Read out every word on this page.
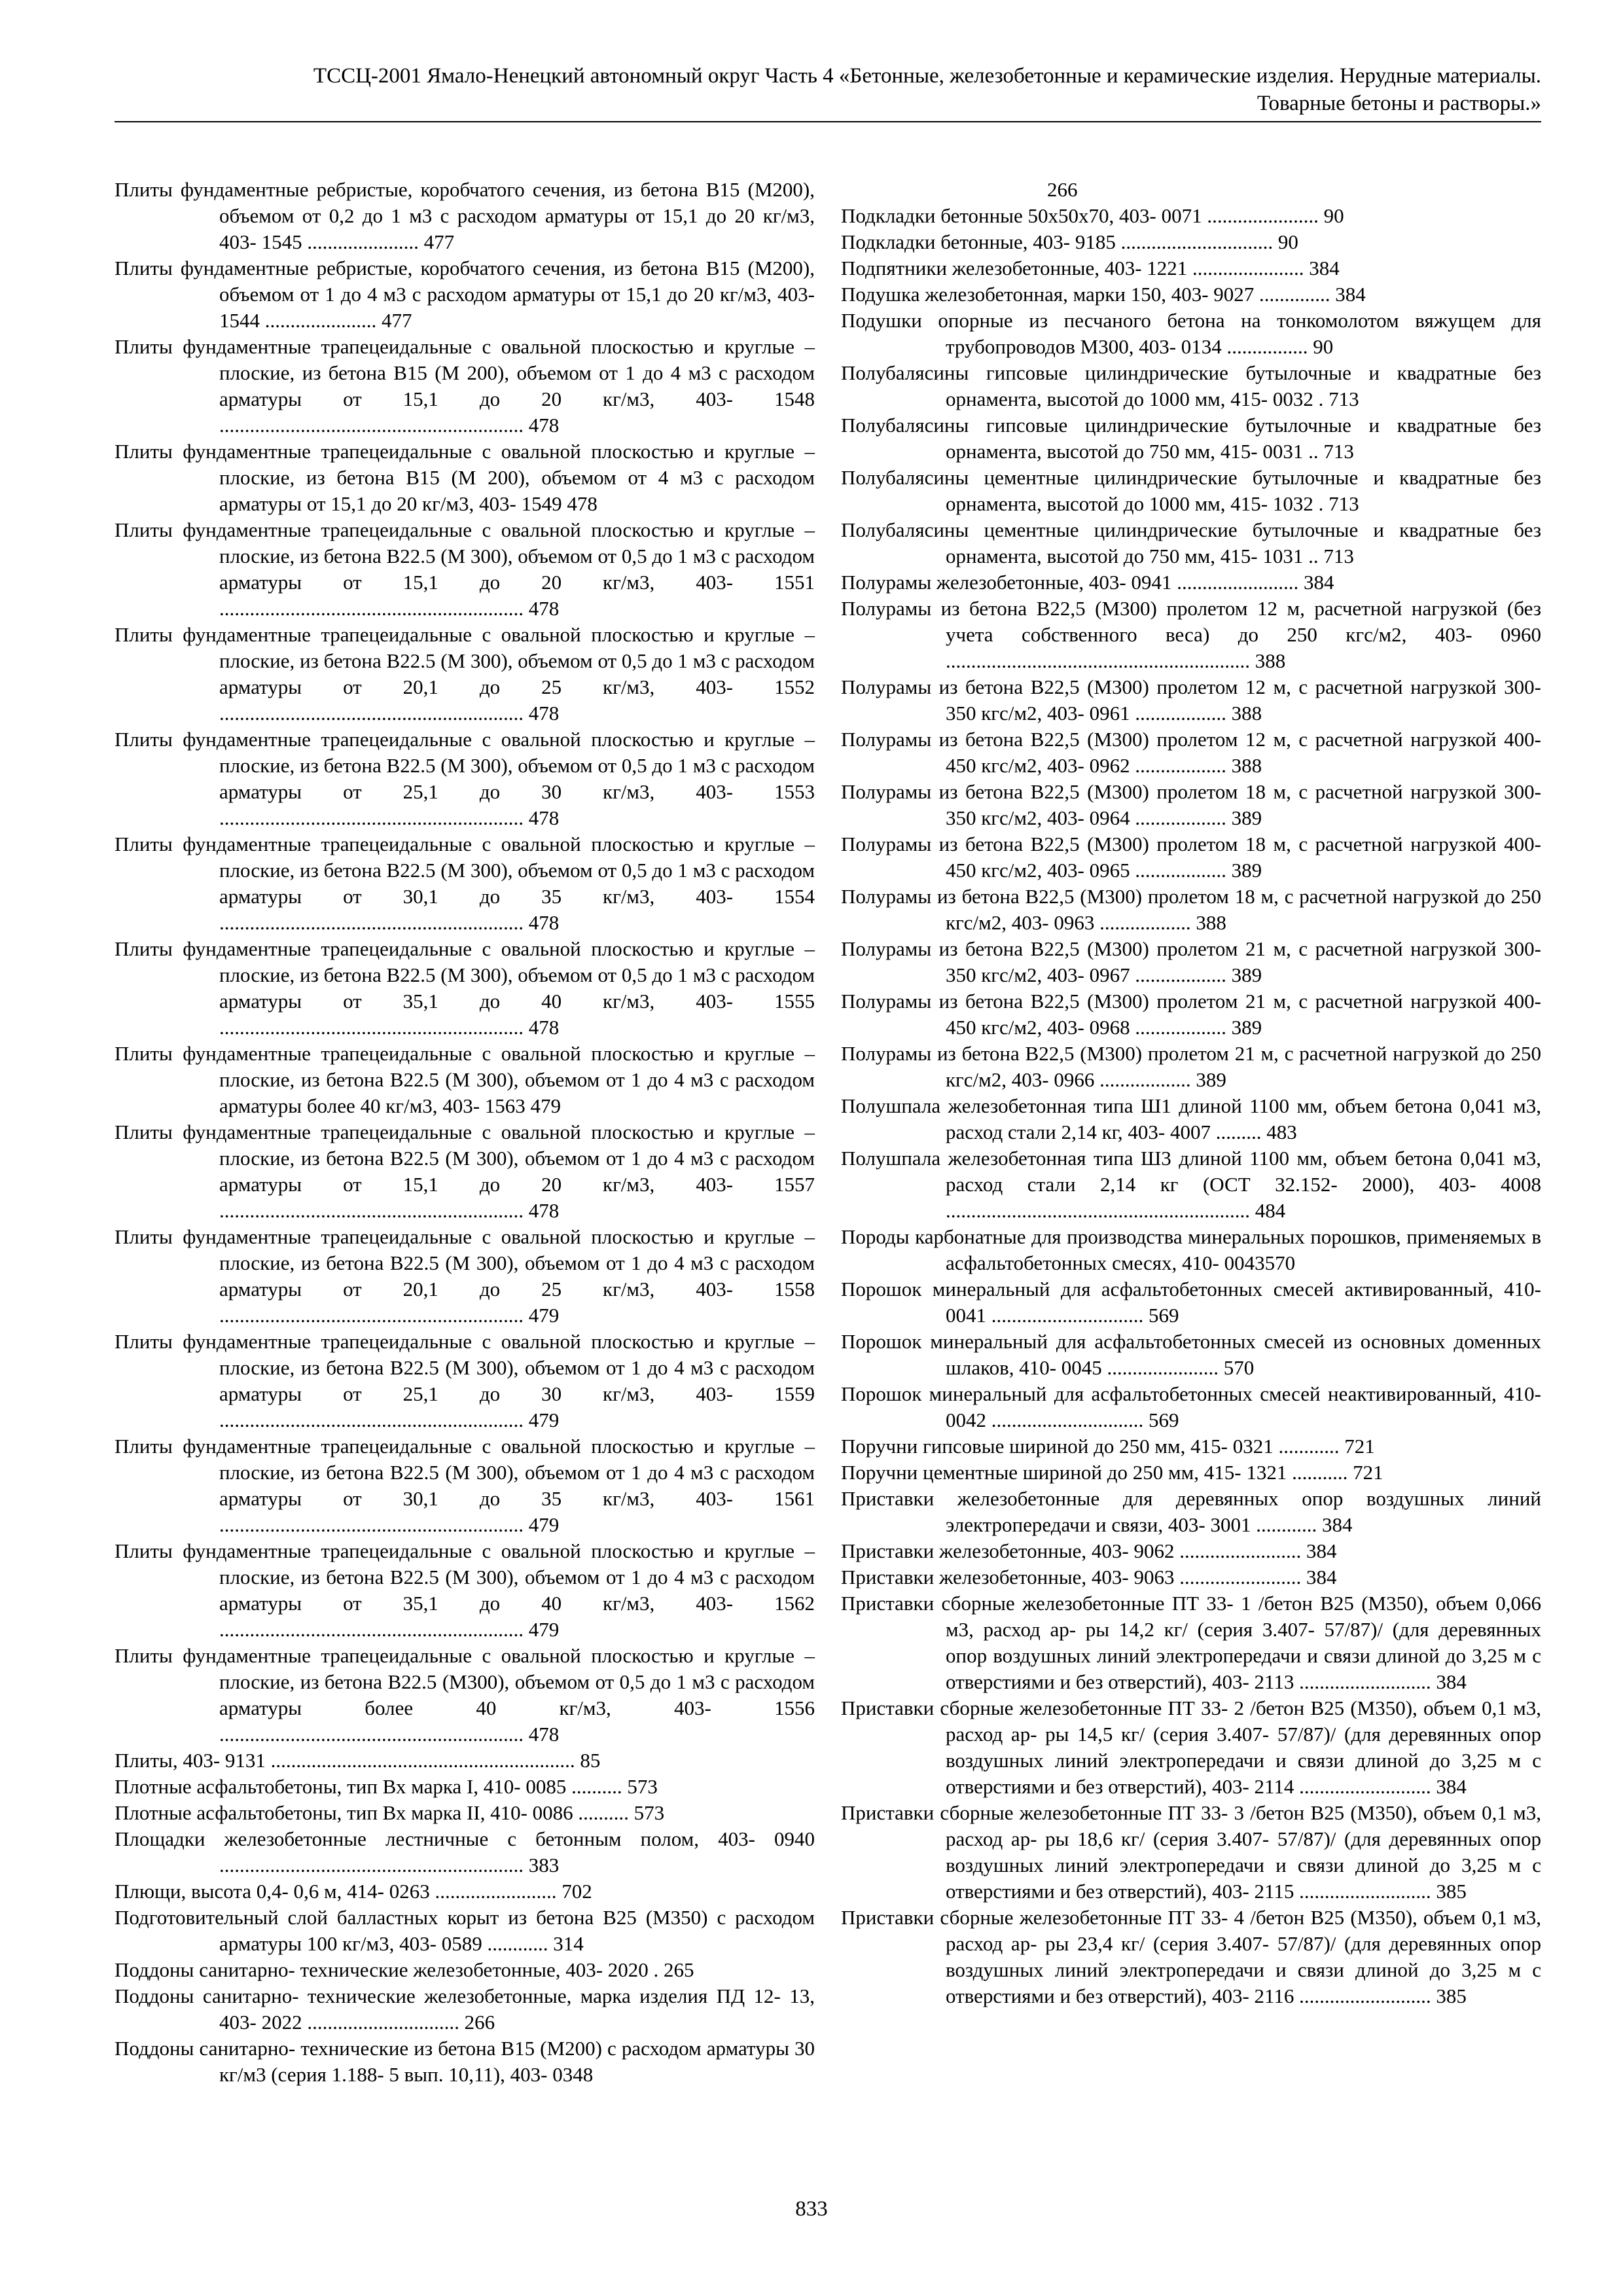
ТССЦ-2001 Ямало-Ненецкий автономный округ Часть 4 «Бетонные, железобетонные и керамические изделия. Нерудные материалы.
Товарные бетоны и растворы.»

Плиты фундаментные ребристые, коробчатого сечения, из бетона В15 (М200), объемом от 0,2 до 1 м3 с расходом арматуры от 15,1 до 20 кг/м3, 403- 1545 ...................... 477

Плиты фундаментные ребристые, коробчатого сечения, из бетона В15 (М200), объемом от 1 до 4 м3 с расходом арматуры от 15,1 до 20 кг/м3, 403- 1544 ...................... 477

Плиты фундаментные трапецеидальные с овальной плоскостью и круглые – плоские, из бетона В15 (М 200), объемом от 1 до 4 м3 с расходом арматуры от 15,1 до 20 кг/м3, 403- 1548 ............................................................ 478

Плиты фундаментные трапецеидальные с овальной плоскостью и круглые – плоские, из бетона В15 (М 200), объемом от 4 м3 с расходом арматуры от 15,1 до 20 кг/м3, 403- 1549 478

Плиты фундаментные трапецеидальные с овальной плоскостью и круглые – плоские, из бетона В22.5 (М 300), объемом от 0,5 до 1 м3 с расходом арматуры от 15,1 до 20 кг/м3, 403- 1551 ............................................................ 478

Плиты фундаментные трапецеидальные с овальной плоскостью и круглые – плоские, из бетона В22.5 (М 300), объемом от 0,5 до 1 м3 с расходом арматуры от 20,1 до 25 кг/м3, 403- 1552 ............................................................ 478

Плиты фундаментные трапецеидальные с овальной плоскостью и круглые – плоские, из бетона В22.5 (М 300), объемом от 0,5 до 1 м3 с расходом арматуры от 25,1 до 30 кг/м3, 403- 1553 ............................................................ 478

Плиты фундаментные трапецеидальные с овальной плоскостью и круглые – плоские, из бетона В22.5 (М 300), объемом от 0,5 до 1 м3 с расходом арматуры от 30,1 до 35 кг/м3, 403- 1554 ............................................................ 478

Плиты фундаментные трапецеидальные с овальной плоскостью и круглые – плоские, из бетона В22.5 (М 300), объемом от 0,5 до 1 м3 с расходом арматуры от 35,1 до 40 кг/м3, 403- 1555 ............................................................ 478

Плиты фундаментные трапецеидальные с овальной плоскостью и круглые – плоские, из бетона В22.5 (М 300), объемом от 1 до 4 м3 с расходом арматуры более 40 кг/м3, 403- 1563 479

Плиты фундаментные трапецеидальные с овальной плоскостью и круглые – плоские, из бетона В22.5 (М 300), объемом от 1 до 4 м3 с расходом арматуры от 15,1 до 20 кг/м3, 403- 1557 ............................................................ 478

Плиты фундаментные трапецеидальные с овальной плоскостью и круглые – плоские, из бетона В22.5 (М 300), объемом от 1 до 4 м3 с расходом арматуры от 20,1 до 25 кг/м3, 403- 1558 ............................................................ 479

Плиты фундаментные трапецеидальные с овальной плоскостью и круглые – плоские, из бетона В22.5 (М 300), объемом от 1 до 4 м3 с расходом арматуры от 25,1 до 30 кг/м3, 403- 1559 ............................................................ 479

Плиты фундаментные трапецеидальные с овальной плоскостью и круглые – плоские, из бетона В22.5 (М 300), объемом от 1 до 4 м3 с расходом арматуры от 30,1 до 35 кг/м3, 403- 1561 ............................................................ 479

Плиты фундаментные трапецеидальные с овальной плоскостью и круглые – плоские, из бетона В22.5 (М 300), объемом от 1 до 4 м3 с расходом арматуры от 35,1 до 40 кг/м3, 403- 1562 ............................................................ 479

Плиты фундаментные трапецеидальные с овальной плоскостью и круглые – плоские, из бетона В22.5 (М300), объемом от 0,5 до 1 м3 с расходом арматуры более 40 кг/м3, 403- 1556 ............................................................ 478

Плиты, 403- 9131 ............................................................ 85

Плотные асфальтобетоны, тип Вх марка I, 410- 0085 .......... 573

Плотные асфальтобетоны, тип Вх марка II, 410- 0086 .......... 573

Площадки железобетонные лестничные с бетонным полом, 403- 0940 ............................................................ 383

Плющи, высота 0,4- 0,6 м, 414- 0263 ........................ 702

Подготовительный слой балластных корыт из бетона В25 (М350) с расходом арматуры 100 кг/м3, 403- 0589 ............ 314

Поддоны санитарно- технические железобетонные, 403- 2020 . 265

Поддоны санитарно- технические железобетонные, марка изделия ПД 12- 13, 403- 2022 .............................. 266

Поддоны санитарно- технические из бетона В15 (М200) с расходом арматуры 30 кг/м3 (серия 1.188- 5 вып. 10,11), 403- 0348

266

Подкладки бетонные 50х50х70, 403- 0071 ...................... 90

Подкладки бетонные, 403- 9185 .............................. 90

Подпятники железобетонные, 403- 1221 ...................... 384

Подушка железобетонная, марки 150, 403- 9027 .............. 384

Подушки опорные из песчаного бетона на тонкомолотом вяжущем для трубопроводов М300, 403- 0134 ................ 90

Полубалясины гипсовые цилиндрические бутылочные и квадратные без орнамента, высотой до 1000 мм, 415- 0032 . 713

Полубалясины гипсовые цилиндрические бутылочные и квадратные без орнамента, высотой до 750 мм, 415- 0031 .. 713

Полубалясины цементные цилиндрические бутылочные и квадратные без орнамента, высотой до 1000 мм, 415- 1032 . 713

Полубалясины цементные цилиндрические бутылочные и квадратные без орнамента, высотой до 750 мм, 415- 1031 .. 713

Полурамы железобетонные, 403- 0941 ........................ 384

Полурамы из бетона В22,5 (М300) пролетом 12 м, расчетной нагрузкой (без учета собственного веса) до 250 кгс/м2, 403- 0960 ............................................................ 388

Полурамы из бетона В22,5 (М300) пролетом 12 м, с расчетной нагрузкой 300- 350 кгс/м2, 403- 0961 .................. 388

Полурамы из бетона В22,5 (М300) пролетом 12 м, с расчетной нагрузкой 400- 450 кгс/м2, 403- 0962 .................. 388

Полурамы из бетона В22,5 (М300) пролетом 18 м, с расчетной нагрузкой 300- 350 кгс/м2, 403- 0964 .................. 389

Полурамы из бетона В22,5 (М300) пролетом 18 м, с расчетной нагрузкой 400- 450 кгс/м2, 403- 0965 .................. 389

Полурамы из бетона В22,5 (М300) пролетом 18 м, с расчетной нагрузкой до 250 кгс/м2, 403- 0963 .................. 388

Полурамы из бетона В22,5 (М300) пролетом 21 м, с расчетной нагрузкой 300- 350 кгс/м2, 403- 0967 .................. 389

Полурамы из бетона В22,5 (М300) пролетом 21 м, с расчетной нагрузкой 400- 450 кгс/м2, 403- 0968 .................. 389

Полурамы из бетона В22,5 (М300) пролетом 21 м, с расчетной нагрузкой до 250 кгс/м2, 403- 0966 .................. 389

Полушпала железобетонная типа Ш1 длиной 1100 мм, объем бетона 0,041 м3, расход стали 2,14 кг, 403- 4007 ......... 483

Полушпала железобетонная типа Ш3 длиной 1100 мм, объем бетона 0,041 м3, расход стали 2,14 кг (ОСТ 32.152- 2000), 403- 4008 ............................................................ 484

Породы карбонатные для производства минеральных порошков, применяемых в асфальтобетонных смесях, 410- 0043570

Порошок минеральный для асфальтобетонных смесей активированный, 410- 0041 .............................. 569

Порошок минеральный для асфальтобетонных смесей из основных доменных шлаков, 410- 0045 ...................... 570

Порошок минеральный для асфальтобетонных смесей неактивированный, 410- 0042 .............................. 569

Поручни гипсовые шириной до 250 мм, 415- 0321 ............ 721

Поручни цементные шириной до 250 мм, 415- 1321 ........... 721

Приставки железобетонные для деревянных опор воздушных линий электропередачи и связи, 403- 3001 ............ 384

Приставки железобетонные, 403- 9062 ........................ 384

Приставки железобетонные, 403- 9063 ........................ 384

Приставки сборные железобетонные ПТ 33- 1 /бетон В25 (М350), объем 0,066 м3, расход ар- ры 14,2 кг/ (серия 3.407- 57/87)/ (для деревянных опор воздушных линий электропередачи и связи длиной до 3,25 м с отверстиями и без отверстий), 403- 2113 .......................... 384

Приставки сборные железобетонные ПТ 33- 2 /бетон В25 (М350), объем 0,1 м3, расход ар- ры 14,5 кг/ (серия 3.407- 57/87)/ (для деревянных опор воздушных линий электропередачи и связи длиной до 3,25 м с отверстиями и без отверстий), 403- 2114 .......................... 384

Приставки сборные железобетонные ПТ 33- 3 /бетон В25 (М350), объем 0,1 м3, расход ар- ры 18,6 кг/ (серия 3.407- 57/87)/ (для деревянных опор воздушных линий электропередачи и связи длиной до 3,25 м с отверстиями и без отверстий), 403- 2115 .......................... 385

Приставки сборные железобетонные ПТ 33- 4 /бетон В25 (М350), объем 0,1 м3, расход ар- ры 23,4 кг/ (серия 3.407- 57/87)/ (для деревянных опор воздушных линий электропередачи и связи длиной до 3,25 м с отверстиями и без отверстий), 403- 2116 .......................... 385

833
